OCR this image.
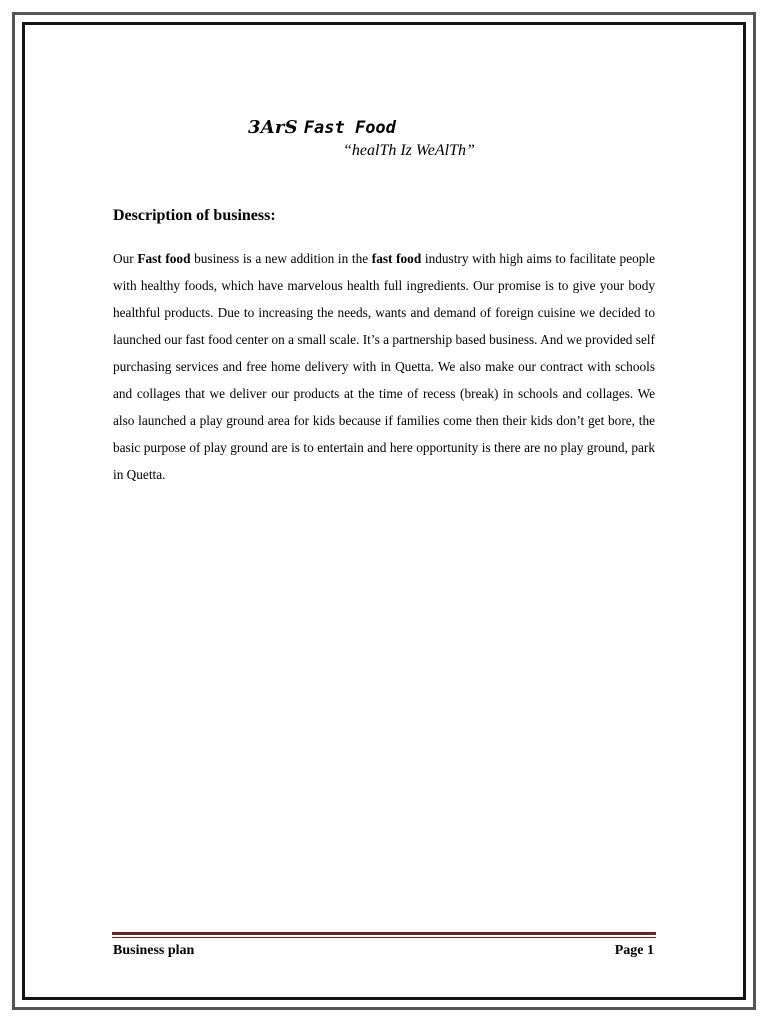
3ArS Fast Food
“healTh Iz WeAlTh”
Description of business:

Our Fast food business is a new addition in the fast food industry with high aims to facilitate people with healthy foods, which have marvelous health full ingredients. Our promise is to give your body healthful products. Due to increasing the needs, wants and demand of foreign cuisine we decided to launched our fast food center on a small scale. It’s a partnership based business. And we provided self purchasing services and free home delivery with in Quetta. We also make our contract with schools and collages that we deliver our products at the time of recess (break) in schools and collages. We also launched a play ground area for kids because if families come then their kids don’t get bore, the basic purpose of play ground are is to entertain and here opportunity is there are no play ground, park in Quetta.

Business plan	Page 1
